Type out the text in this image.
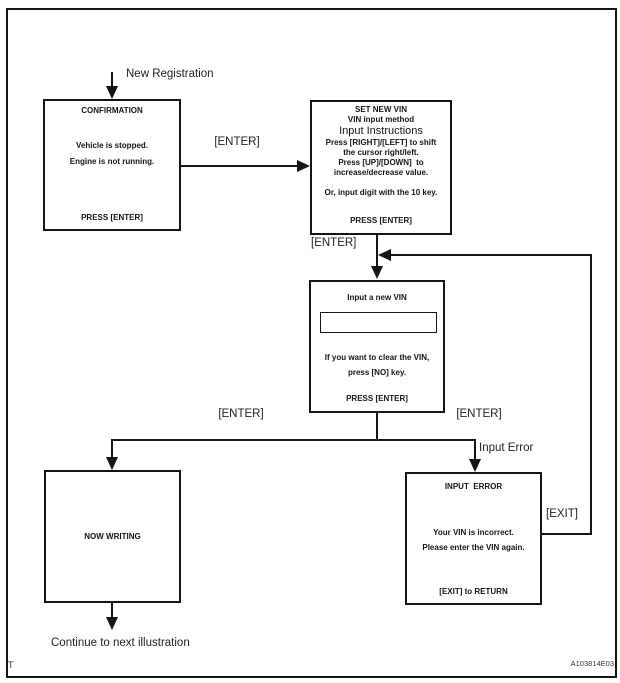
New Registration
CONFIRMATION
Vehicle is stopped.
Engine is not running.
PRESS [ENTER]
[ENTER]
SET NEW VIN
VIN input method
Input Instructions
Press [RIGHT]/[LEFT] to shift
the cursor right/left.
Press [UP]/[DOWN]  to
increase/decrease value.
Or, input digit with the 10 key.
PRESS [ENTER]
[ENTER]
[EXIT]
Input a new VIN
If you want to clear the VIN,
press [NO] key.
PRESS [ENTER]
[ENTER]	[ENTER]
Input Error
NOW WRITING
INPUT  ERROR
Your VIN is incorrect.
Please enter the VIN again.
[EXIT] to RETURN
Continue to next illustration
T	A103814E03
